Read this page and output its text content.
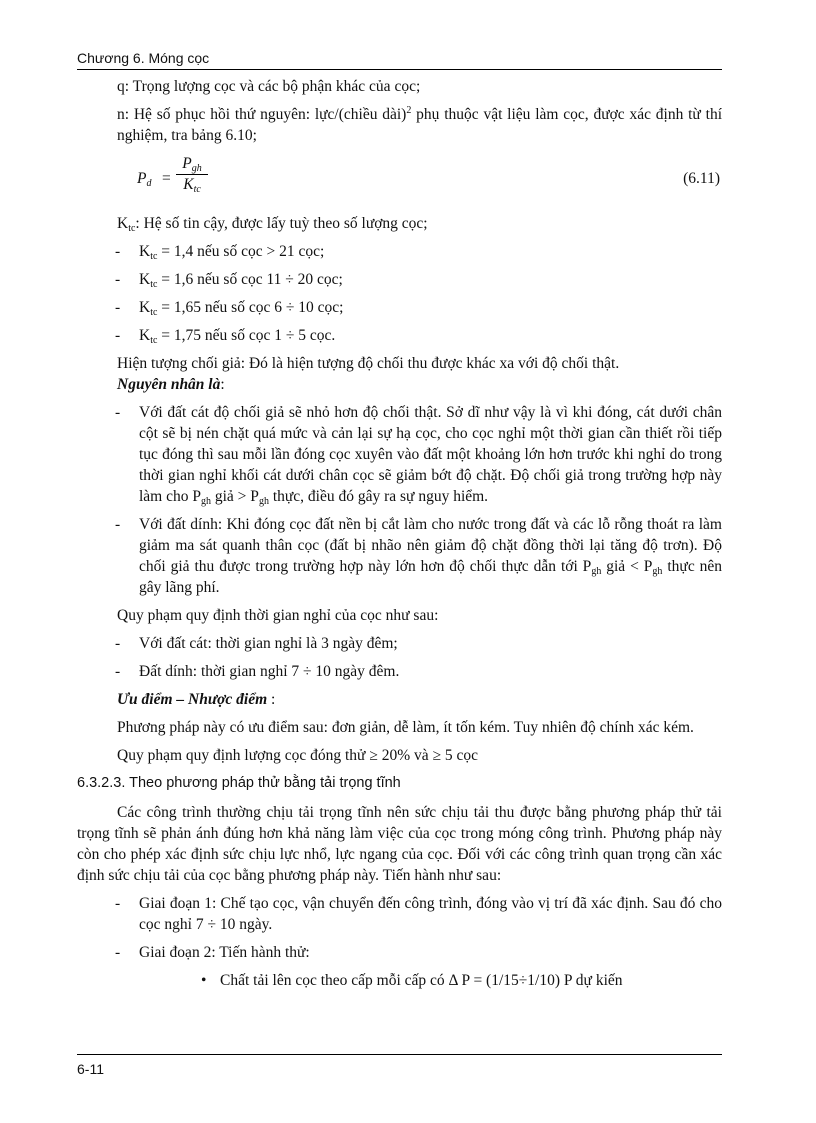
Chương 6. Móng cọc

q: Trọng lượng cọc và các bộ phận khác của cọc;

n: Hệ số phục hồi thứ nguyên: lực/(chiều dài)$^2$ phụ thuộc vật liệu làm cọc, được xác định từ thí nghiệm, tra bảng 6.10;

$P_d$ =
$P_{gh}$
$K_{tc}$
(6.11)

$K_{tc}$: Hệ số tin cậy, được lấy tuỳ theo số lượng cọc;

- $K_{tc} = 1,4$ nếu số cọc > 21 cọc;
- $K_{tc} = 1,6$ nếu số cọc 11 ÷ 20 cọc;
- $K_{tc} = 1,65$ nếu số cọc 6 ÷ 10 cọc;
- $K_{tc} = 1,75$ nếu số cọc 1 ÷ 5 cọc.

Hiện tượng chối giả: Đó là hiện tượng độ chối thu được khác xa với độ chối thật.
Nguyên nhân là:

- Với đất cát độ chối giả sẽ nhỏ hơn độ chối thật. Sở dĩ như vậy là vì khi đóng, cát dưới chân cột sẽ bị nén chặt quá mức và cản lại sự hạ cọc, cho cọc nghỉ một thời gian cần thiết rồi tiếp tục đóng thì sau mỗi lần đóng cọc xuyên vào đất một khoảng lớn hơn trước khi nghỉ do trong thời gian nghỉ khối cát dưới chân cọc sẽ giảm bớt độ chặt. Độ chối giả trong trường hợp này làm cho $P_{gh}$ giả > $P_{gh}$ thực, điều đó gây ra sự nguy hiểm.
- Với đất dính: Khi đóng cọc đất nền bị cắt làm cho nước trong đất và các lỗ rỗng thoát ra làm giảm ma sát quanh thân cọc (đất bị nhão nên giảm độ chặt đồng thời lại tăng độ trơn). Độ chối giả thu được trong trường hợp này lớn hơn độ chối thực dẫn tới $P_{gh}$ giả < $P_{gh}$ thực nên gây lãng phí.

Quy phạm quy định thời gian nghỉ của cọc như sau:

- Với đất cát: thời gian nghỉ là 3 ngày đêm;
- Đất dính: thời gian nghỉ 7 ÷ 10 ngày đêm.

Ưu điểm – Nhược điểm :

Phương pháp này có ưu điểm sau: đơn giản, dễ làm, ít tốn kém. Tuy nhiên độ chính xác kém.

Quy phạm quy định lượng cọc đóng thử ≥ 20% và ≥ 5 cọc

6.3.2.3. Theo phương pháp thử bằng tải trọng tĩnh

Các công trình thường chịu tải trọng tĩnh nên sức chịu tải thu được bằng phương pháp thử tải trọng tĩnh sẽ phản ánh đúng hơn khả năng làm việc của cọc trong móng công trình. Phương pháp này còn cho phép xác định sức chịu lực nhổ, lực ngang của cọc. Đối với các công trình quan trọng cần xác định sức chịu tải của cọc bằng phương pháp này. Tiến hành như sau:

- Giai đoạn 1: Chế tạo cọc, vận chuyển đến công trình, đóng vào vị trí đã xác định. Sau đó cho cọc nghỉ 7 ÷ 10 ngày.
- Giai đoạn 2: Tiến hành thử:
• Chất tải lên cọc theo cấp mỗi cấp có Δ P = (1/15÷1/10) P dự kiến
6-11
